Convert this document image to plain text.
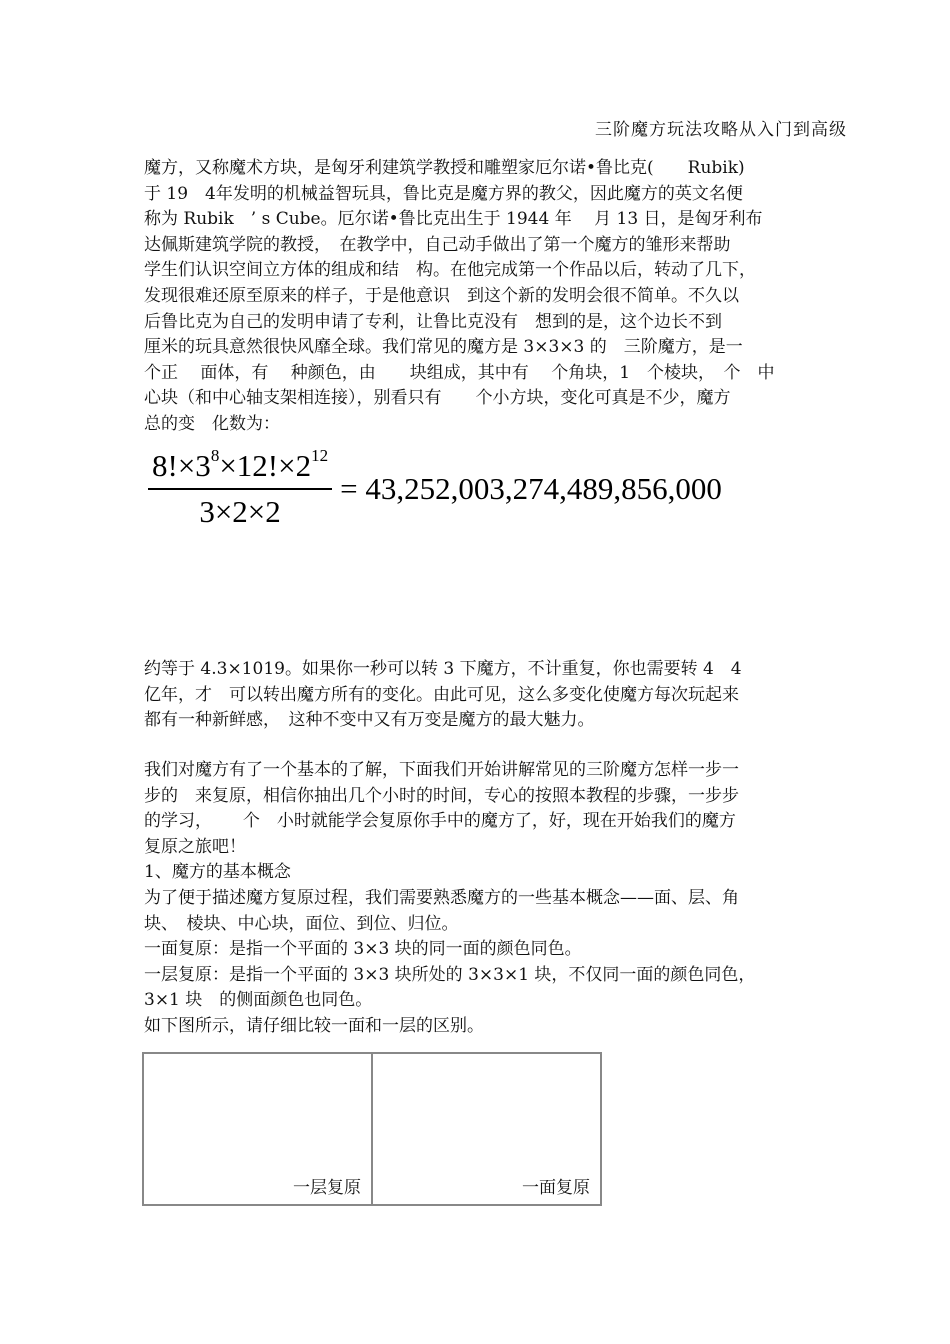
三阶魔方玩法攻略从入门到高级

魔方，又称魔术方块，是匈牙利建筑学教授和雕塑家厄尔诺•鲁比克(　　Rubik)
于 19　4年发明的机械益智玩具，鲁比克是魔方界的教父，因此魔方的英文名便
称为 Rubik　’ s Cube。厄尔诺•鲁比克出生于 1944 年　 月 13 日，是匈牙利布
达佩斯建筑学院的教授，　在教学中，自己动手做出了第一个魔方的雏形来帮助
学生们认识空间立方体的组成和结　构。在他完成第一个作品以后，转动了几下，
发现很难还原至原来的样子，于是他意识　到这个新的发明会很不简单。不久以
后鲁比克为自己的发明申请了专利，让鲁比克没有　想到的是，这个边长不到
厘米的玩具意然很快风靡全球。我们常见的魔方是 3×3×3 的　三阶魔方，是一
个正　 面体，有　 种颜色，由　　块组成，其中有　 个角块，1　个棱块，　个　中
心块（和中心轴支架相连接），别看只有　　个小方块，变化可真是不少，魔方
总的变　化数为：

$\frac{8!\times 3^8\times 12!\times 2^{12}}{3\times 2\times 2} = 43,252,003,274,489,856,000$

约等于 4.3×1019。如果你一秒可以转 3 下魔方，不计重复，你也需要转 4　4
亿年，才　可以转出魔方所有的变化。由此可见，这么多变化使魔方每次玩起来
都有一种新鲜感，　这种不变中又有万变是魔方的最大魅力。

我们对魔方有了一个基本的了解，下面我们开始讲解常见的三阶魔方怎样一步一
步的　来复原，相信你抽出几个小时的时间，专心的按照本教程的步骤，一步步
的学习，　　 个　小时就能学会复原你手中的魔方了，好，现在开始我们的魔方
复原之旅吧！
1、魔方的基本概念
为了便于描述魔方复原过程，我们需要熟悉魔方的一些基本概念——面、层、角
块、　棱块、中心块，面位、到位、归位。
一面复原：是指一个平面的 3×3 块的同一面的颜色同色。
一层复原：是指一个平面的 3×3 块所处的 3×3×1 块，不仅同一面的颜色同色，
3×1 块　的侧面颜色也同色。
如下图所示，请仔细比较一面和一层的区别。

一层复原	一面复原
